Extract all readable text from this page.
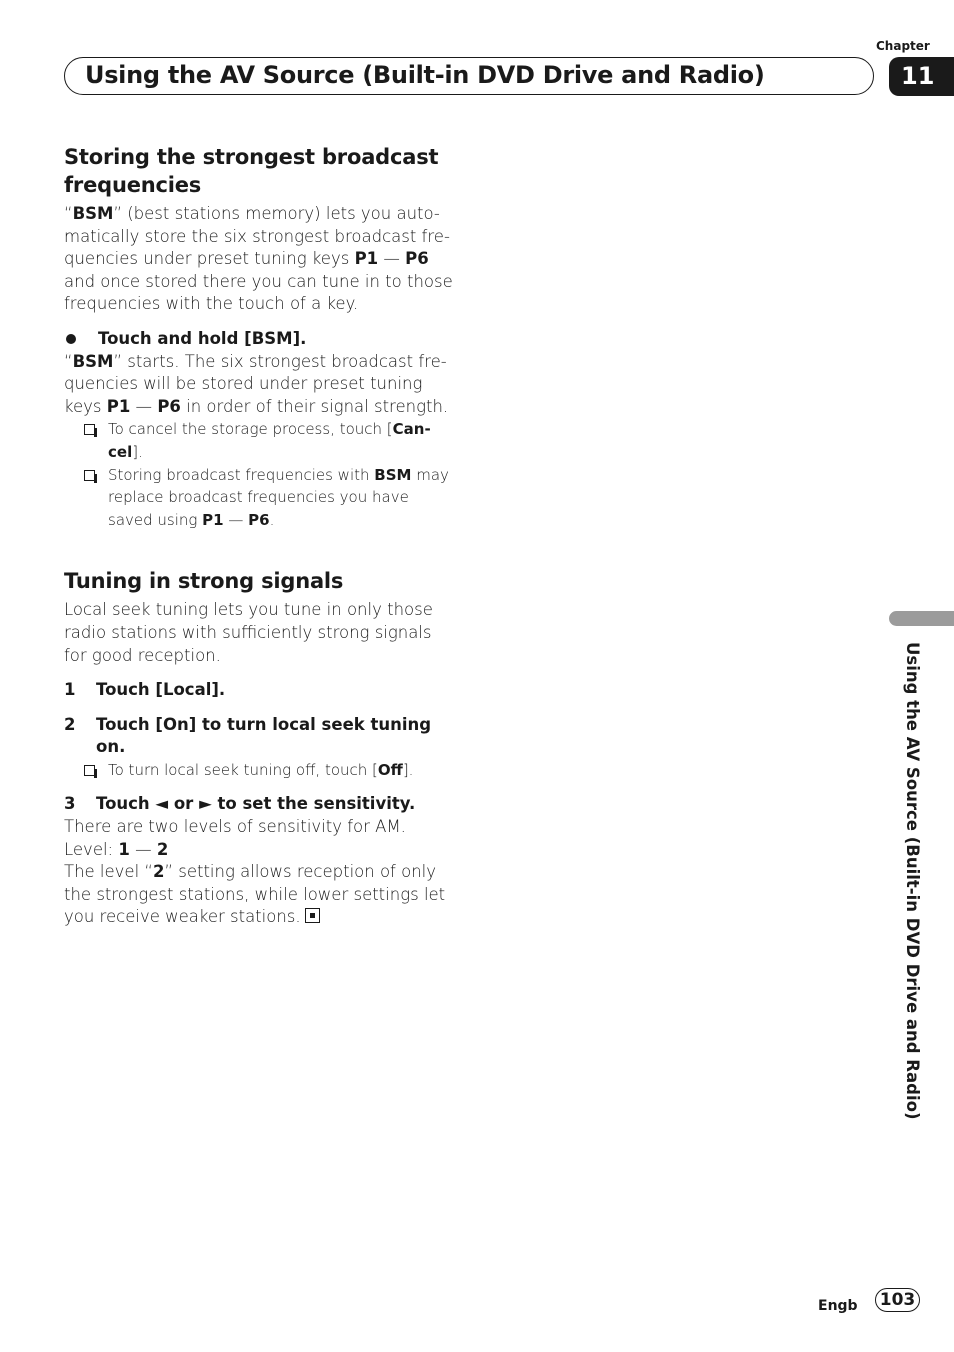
Chapter
Using the AV Source (Built-in DVD Drive and Radio)	11
Storing the strongest broadcast frequencies

“BSM” (best stations memory) lets you auto-matically store the six strongest broadcast fre-quencies under preset tuning keys P1 — P6 and once stored there you can tune in to those frequencies with the touch of a key.

Touch and hold [BSM].

“BSM” starts. The six strongest broadcast fre-quencies will be stored under preset tuning keys P1 — P6 in order of their signal strength.

To cancel the storage process, touch [Can-cel].
Storing broadcast frequencies with BSM may replace broadcast frequencies you have saved using P1 — P6.
Tuning in strong signals

Local seek tuning lets you tune in only those radio stations with sufficiently strong signals for good reception.

1	Touch [Local].
2	Touch [On] to turn local seek tuning on.
To turn local seek tuning off, touch [Off].
3	Touch ◄ or ► to set the sensitivity.

There are two levels of sensitivity for AM.

Level: 1 — 2

The level “2” setting allows reception of only the strongest stations, while lower settings let you receive weaker stations.	Using the AV Source (Built-in DVD Drive and Radio)
Engb 103
